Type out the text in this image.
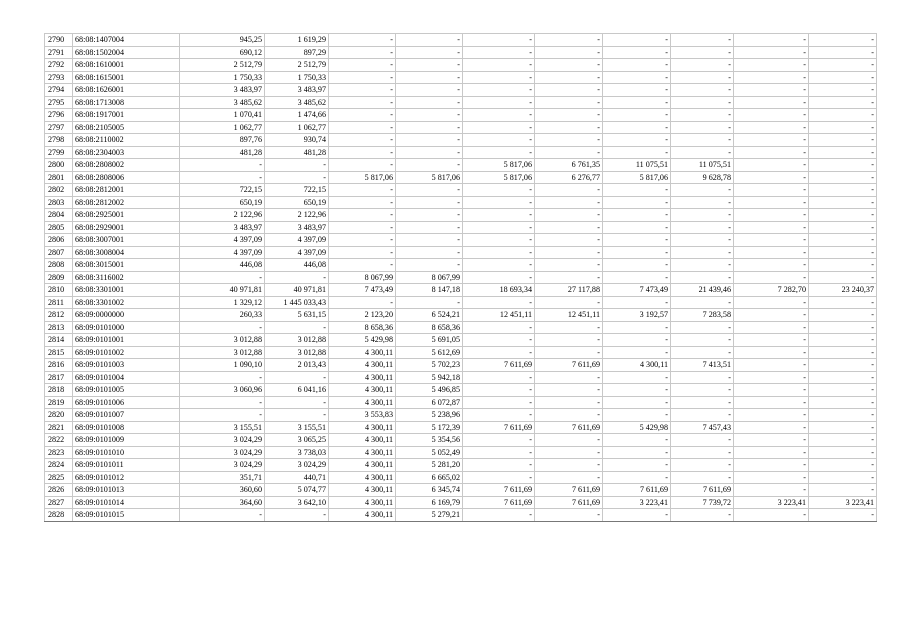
2790	68:08:1407004	945,25	1 619,29	-	-	-	-	-	-	-	-
2791	68:08:1502004	690,12	897,29	-	-	-	-	-	-	-	-
2792	68:08:1610001	2 512,79	2 512,79	-	-	-	-	-	-	-	-
2793	68:08:1615001	1 750,33	1 750,33	-	-	-	-	-	-	-	-
2794	68:08:1626001	3 483,97	3 483,97	-	-	-	-	-	-	-	-
2795	68:08:1713008	3 485,62	3 485,62	-	-	-	-	-	-	-	-
2796	68:08:1917001	1 070,41	1 474,66	-	-	-	-	-	-	-	-
2797	68:08:2105005	1 062,77	1 062,77	-	-	-	-	-	-	-	-
2798	68:08:2110002	897,76	930,74	-	-	-	-	-	-	-	-
2799	68:08:2304003	481,28	481,28	-	-	-	-	-	-	-	-
2800	68:08:2808002	-	-	-	-	5 817,06	6 761,35	11 075,51	11 075,51	-	-
2801	68:08:2808006	-	-	5 817,06	5 817,06	5 817,06	6 276,77	5 817,06	9 628,78	-	-
2802	68:08:2812001	722,15	722,15	-	-	-	-	-	-	-	-
2803	68:08:2812002	650,19	650,19	-	-	-	-	-	-	-	-
2804	68:08:2925001	2 122,96	2 122,96	-	-	-	-	-	-	-	-
2805	68:08:2929001	3 483,97	3 483,97	-	-	-	-	-	-	-	-
2806	68:08:3007001	4 397,09	4 397,09	-	-	-	-	-	-	-	-
2807	68:08:3008004	4 397,09	4 397,09	-	-	-	-	-	-	-	-
2808	68:08:3015001	446,08	446,08	-	-	-	-	-	-	-	-
2809	68:08:3116002	-	-	8 067,99	8 067,99	-	-	-	-	-	-
2810	68:08:3301001	40 971,81	40 971,81	7 473,49	8 147,18	18 693,34	27 117,88	7 473,49	21 439,46	7 282,70	23 240,37
2811	68:08:3301002	1 329,12	1 445 033,43	-	-	-	-	-	-	-	-
2812	68:09:0000000	260,33	5 631,15	2 123,20	6 524,21	12 451,11	12 451,11	3 192,57	7 283,58	-	-
2813	68:09:0101000	-	-	8 658,36	8 658,36	-	-	-	-	-	-
2814	68:09:0101001	3 012,88	3 012,88	5 429,98	5 691,05	-	-	-	-	-	-
2815	68:09:0101002	3 012,88	3 012,88	4 300,11	5 612,69	-	-	-	-	-	-
2816	68:09:0101003	1 090,10	2 013,43	4 300,11	5 702,23	7 611,69	7 611,69	4 300,11	7 413,51	-	-
2817	68:09:0101004	-	-	4 300,11	5 942,18	-	-	-	-	-	-
2818	68:09:0101005	3 060,96	6 041,16	4 300,11	5 496,85	-	-	-	-	-	-
2819	68:09:0101006	-	-	4 300,11	6 072,87	-	-	-	-	-	-
2820	68:09:0101007	-	-	3 553,83	5 238,96	-	-	-	-	-	-
2821	68:09:0101008	3 155,51	3 155,51	4 300,11	5 172,39	7 611,69	7 611,69	5 429,98	7 457,43	-	-
2822	68:09:0101009	3 024,29	3 065,25	4 300,11	5 354,56	-	-	-	-	-	-
2823	68:09:0101010	3 024,29	3 738,03	4 300,11	5 052,49	-	-	-	-	-	-
2824	68:09:0101011	3 024,29	3 024,29	4 300,11	5 281,20	-	-	-	-	-	-
2825	68:09:0101012	351,71	440,71	4 300,11	6 665,02	-	-	-	-	-	-
2826	68:09:0101013	360,60	5 074,77	4 300,11	6 345,74	7 611,69	7 611,69	7 611,69	7 611,69	-	-
2827	68:09:0101014	364,60	3 642,10	4 300,11	6 169,79	7 611,69	7 611,69	3 223,41	7 739,72	3 223,41	3 223,41
2828	68:09:0101015	-	-	4 300,11	5 279,21	-	-	-	-	-	-
